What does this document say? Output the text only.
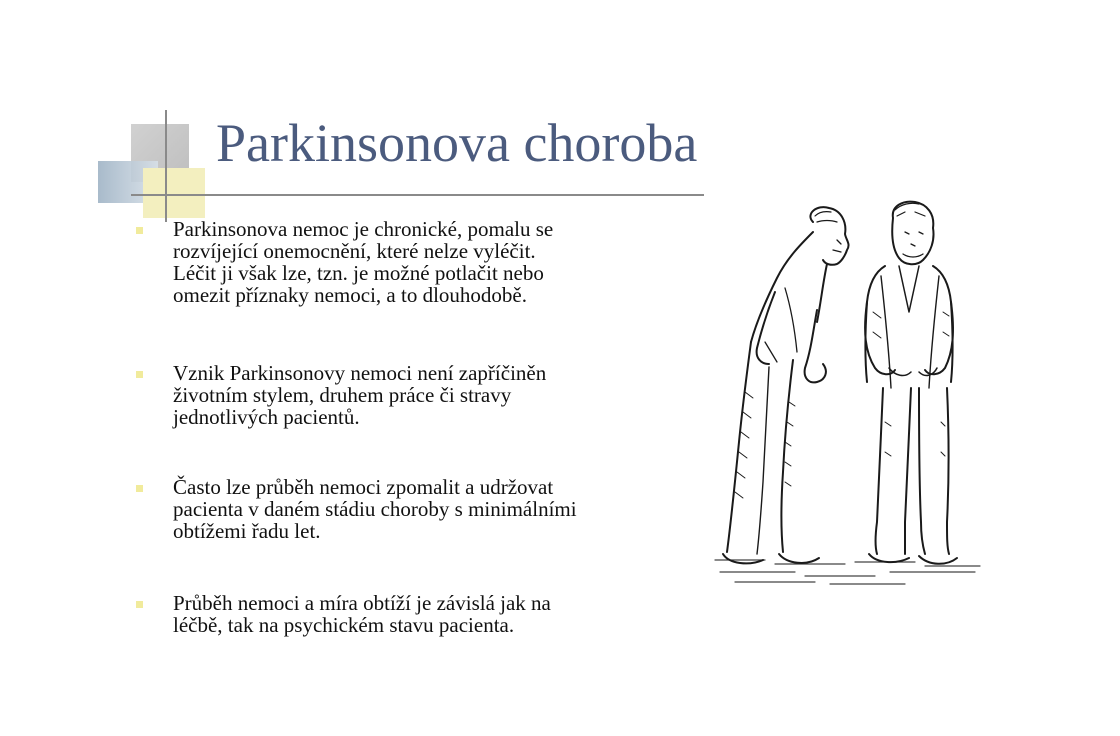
Parkinsonova choroba
Parkinsonova nemoc je chronické, pomalu se
rozvíjející onemocnění, které nelze vyléčit.
Léčit ji však lze, tzn. je možné potlačit nebo
omezit příznaky nemoci, a to dlouhodobě.
Vznik Parkinsonovy nemoci není zapříčiněn
životním stylem, druhem práce či stravy
jednotlivých pacientů.
Často lze průběh nemoci zpomalit a udržovat
pacienta v daném stádiu choroby s minimálními
obtížemi řadu let.
Průběh nemoci a míra obtíží je závislá jak na
léčbě, tak na psychickém stavu pacienta.
